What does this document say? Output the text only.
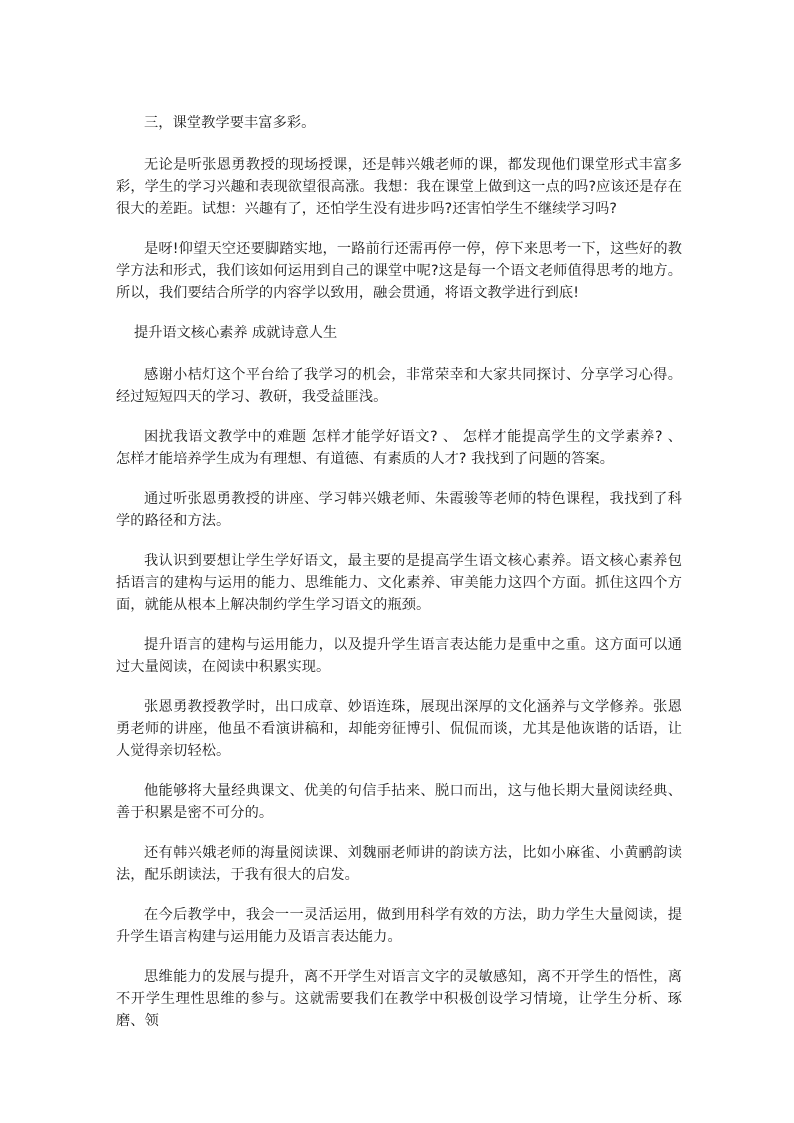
三，课堂教学要丰富多彩。

无论是听张恩勇教授的现场授课，还是韩兴娥老师的课，都发现他们课堂形式丰富多彩，学生的学习兴趣和表现欲望很高涨。我想：我在课堂上做到这一点的吗?应该还是存在很大的差距。试想：兴趣有了，还怕学生没有进步吗?还害怕学生不继续学习吗?

是呀!仰望天空还要脚踏实地，一路前行还需再停一停，停下来思考一下，这些好的教学方法和形式，我们该如何运用到自己的课堂中呢?这是每一个语文老师值得思考的地方。所以，我们要结合所学的内容学以致用，融会贯通，将语文教学进行到底!

提升语文核心素养 成就诗意人生

感谢小桔灯这个平台给了我学习的机会，非常荣幸和大家共同探讨、分享学习心得。经过短短四天的学习、教研，我受益匪浅。

困扰我语文教学中的难题 怎样才能学好语文? 、 怎样才能提高学生的文学素养? 、 怎样才能培养学生成为有理想、有道德、有素质的人才? 我找到了问题的答案。

通过听张恩勇教授的讲座、学习韩兴娥老师、朱霞骏等老师的特色课程，我找到了科学的路径和方法。

我认识到要想让学生学好语文，最主要的是提高学生语文核心素养。语文核心素养包括语言的建构与运用的能力、思维能力、文化素养、审美能力这四个方面。抓住这四个方面，就能从根本上解决制约学生学习语文的瓶颈。

提升语言的建构与运用能力，以及提升学生语言表达能力是重中之重。这方面可以通过大量阅读，在阅读中积累实现。

张恩勇教授教学时，出口成章、妙语连珠，展现出深厚的文化涵养与文学修养。张恩勇老师的讲座，他虽不看演讲稿和，却能旁征博引、侃侃而谈，尤其是他诙谐的话语，让人觉得亲切轻松。

他能够将大量经典课文、优美的句信手拈来、脱口而出，这与他长期大量阅读经典、善于积累是密不可分的。

还有韩兴娥老师的海量阅读课、刘魏丽老师讲的韵读方法，比如小麻雀、小黄鹂韵读法，配乐朗读法，于我有很大的启发。

在今后教学中，我会一一灵活运用，做到用科学有效的方法，助力学生大量阅读，提升学生语言构建与运用能力及语言表达能力。

思维能力的发展与提升，离不开学生对语言文字的灵敏感知，离不开学生的悟性，离不开学生理性思维的参与。这就需要我们在教学中积极创设学习情境，让学生分析、琢磨、领
